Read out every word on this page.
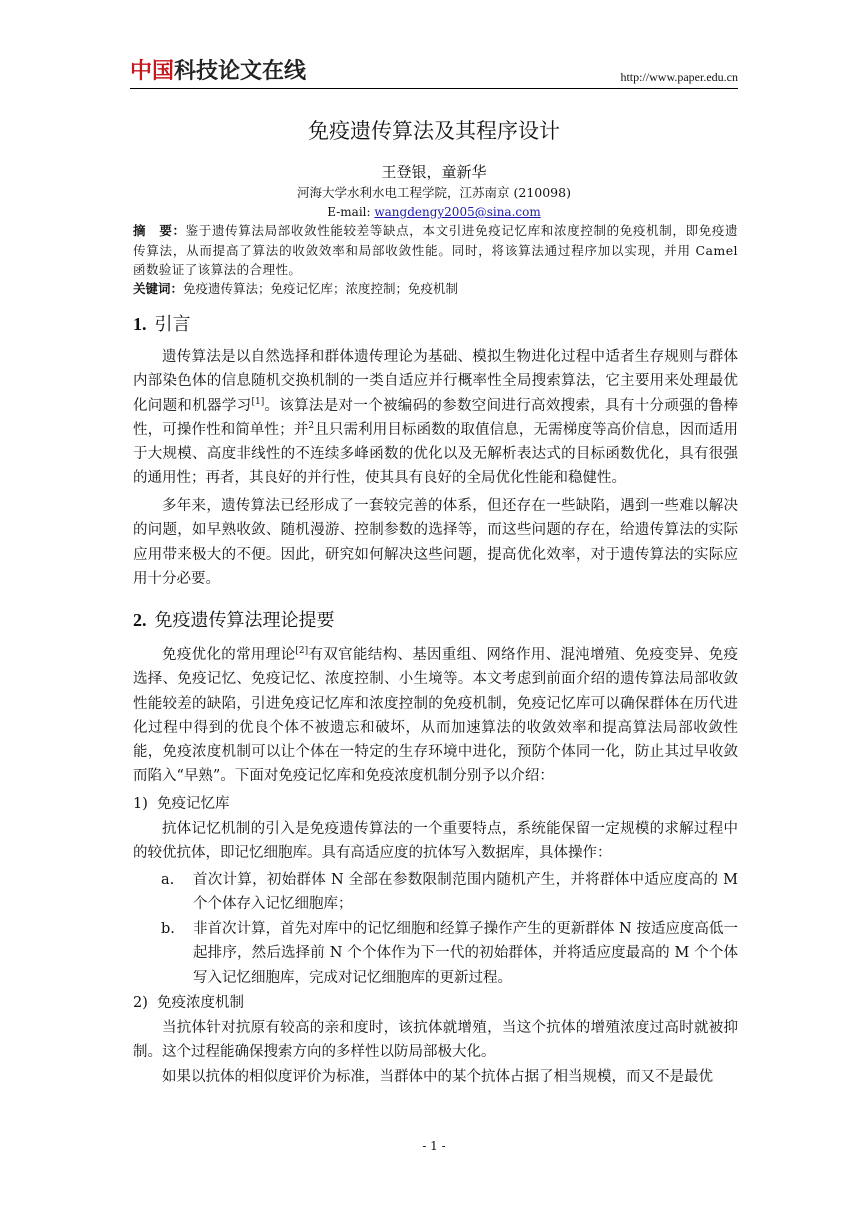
中国科技论文在线	http://www.paper.edu.cn
免疫遗传算法及其程序设计
王登银，童新华
河海大学水利水电工程学院，江苏南京 (210098)
E-mail: wangdengy2005@sina.com
摘　要：鉴于遗传算法局部收敛性能较差等缺点，本文引进免疫记忆库和浓度控制的免疫机制，即免疫遗传算法，从而提高了算法的收敛效率和局部收敛性能。同时，将该算法通过程序加以实现，并用 Camel 函数验证了该算法的合理性。
关键词：免疫遗传算法；免疫记忆库；浓度控制；免疫机制
1. 引言
遗传算法是以自然选择和群体遗传理论为基础、模拟生物进化过程中适者生存规则与群体内部染色体的信息随机交换机制的一类自适应并行概率性全局搜索算法，它主要用来处理最优化问题和机器学习[1]。该算法是对一个被编码的参数空间进行高效搜索，具有十分顽强的鲁棒性，可操作性和简单性；并$^2$且只需利用目标函数的取值信息，无需梯度等高价信息，因而适用于大规模、高度非线性的不连续多峰函数的优化以及无解析表达式的目标函数优化，具有很强的通用性；再者，其良好的并行性，使其具有良好的全局优化性能和稳健性。
多年来，遗传算法已经形成了一套较完善的体系，但还存在一些缺陷，遇到一些难以解决的问题，如早熟收敛、随机漫游、控制参数的选择等，而这些问题的存在，给遗传算法的实际应用带来极大的不便。因此，研究如何解决这些问题，提高优化效率，对于遗传算法的实际应用十分必要。
2. 免疫遗传算法理论提要
免疫优化的常用理论[2]有双官能结构、基因重组、网络作用、混沌增殖、免疫变异、免疫选择、免疫记忆、免疫记忆、浓度控制、小生境等。本文考虑到前面介绍的遗传算法局部收敛性能较差的缺陷，引进免疫记忆库和浓度控制的免疫机制，免疫记忆库可以确保群体在历代进化过程中得到的优良个体不被遗忘和破坏，从而加速算法的收敛效率和提高算法局部收敛性能，免疫浓度机制可以让个体在一特定的生存环境中进化，预防个体同一化，防止其过早收敛而陷入“早熟”。下面对免疫记忆库和免疫浓度机制分别予以介绍：
1) 免疫记忆库
抗体记忆机制的引入是免疫遗传算法的一个重要特点，系统能保留一定规模的求解过程中的较优抗体，即记忆细胞库。具有高适应度的抗体写入数据库，具体操作：
a.	首次计算，初始群体 N 全部在参数限制范围内随机产生，并将群体中适应度高的 M 个个体存入记忆细胞库；
b.	非首次计算，首先对库中的记忆细胞和经算子操作产生的更新群体 N 按适应度高低一起排序，然后选择前 N 个个体作为下一代的初始群体，并将适应度最高的 M 个个体写入记忆细胞库，完成对记忆细胞库的更新过程。
2) 免疫浓度机制
当抗体针对抗原有较高的亲和度时，该抗体就增殖，当这个抗体的增殖浓度过高时就被抑制。这个过程能确保搜索方向的多样性以防局部极大化。
如果以抗体的相似度评价为标准，当群体中的某个抗体占据了相当规模，而又不是最优
- 1 -
